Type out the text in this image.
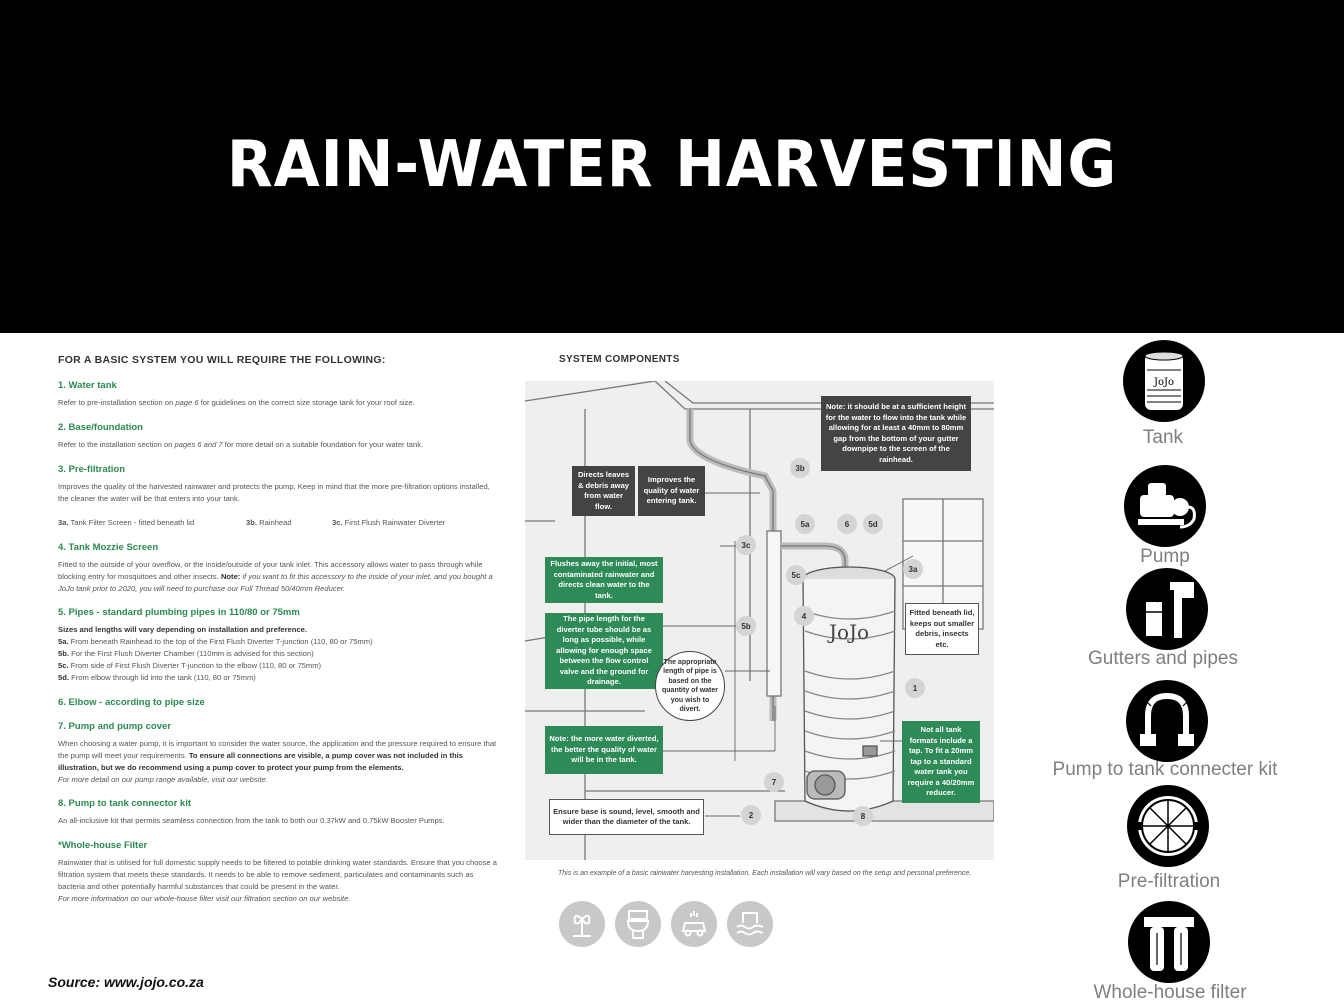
RAIN-WATER HARVESTING
FOR A BASIC SYSTEM YOU WILL REQUIRE THE FOLLOWING:

1. Water tank

Refer to pre-installation section on page 6 for guidelines on the correct size storage tank for your roof size.

2. Base/foundation

Refer to the installation section on pages 6 and 7 for more detail on a suitable foundation for your water tank.

3. Pre-filtration

Improves the quality of the harvested rainwater and protects the pump. Keep in mind that the more pre-filtration options installed, the cleaner the water will be that enters into your tank.

3a. Tank Filter Screen - fitted beneath lid	3b. Rainhead	3c. First Flush Rainwater Diverter

4. Tank Mozzie Screen

Fitted to the outside of your overflow, or the inside/outside of your tank inlet. This accessory allows water to pass through while blocking entry for mosquitoes and other insects. Note: if you want to fit this accessory to the inside of your inlet, and you bought a JoJo tank prior to 2020, you will need to purchase our Full Thread 50/40mm Reducer.

5. Pipes - standard plumbing pipes in 110/80 or 75mm

Sizes and lengths will vary depending on installation and preference.
5a. From beneath Rainhead to the top of the First Flush Diverter T-junction (110, 80 or 75mm)
5b. For the First Flush Diverter Chamber (110mm is advised for this section)
5c. From side of First Flush Diverter T-junction to the elbow (110, 80 or 75mm)
5d. From elbow through lid into the tank (110, 80 or 75mm)

6. Elbow - according to pipe size

7. Pump and pump cover

When choosing a water pump, it is important to consider the water source, the application and the pressure required to ensure that the pump will meet your requirements. To ensure all connections are visible, a pump cover was not included in this illustration, but we do recommend using a pump cover to protect your pump from the elements.
For more detail on our pump range available, visit our website.

8. Pump to tank connector kit

An all-inclusive kit that permits seamless connection from the tank to both our 0.37kW and 0.75kW Booster Pumps.

*Whole-house Filter

Rainwater that is utilised for full domestic supply needs to be filtered to potable drinking water standards. Ensure that you choose a filtration system that meets these standards. It needs to be able to remove sediment, particulates and contaminants such as bacteria and other potentially harmful substances that could be present in the water.
For more information on our whole-house filter visit our filtration section on our website.

Source: www.jojo.co.za
SYSTEM COMPONENTS
JoJo
Note: it should be at a sufficient height for the water to flow into the tank while allowing for at least a 40mm to 80mm gap from the bottom of your gutter downpipe to the screen of the rainhead.
Directs leaves & debris away from water flow.
Improves the quality of water entering tank.
Flushes away the initial, most contaminated rainwater and directs clean water to the tank.
The pipe length for the diverter tube should be as long as possible, while allowing for enough space between the flow control valve and the ground for drainage.
The appropriate length of pipe is based on the quantity of water you wish to divert.
Note: the more water diverted, the better the quality of water will be in the tank.
Fitted beneath lid, keeps out smaller debris, insects etc.
Not all tank formats include a tap. To fit a 20mm tap to a standard water tank you require a 40/20mm reducer.
Ensure base is sound, level, smooth and wider than the diameter of the tank.
3b
5a	6	5d
3c
5c
3a
4
5b
1
7
2	8
This is an example of a basic rainwater harvesting installation. Each installation will vary based on the setup and personal preference.
JoJo
Tank
Pump
Gutters and pipes
Pump to tank connecter kit
Pre-filtration
Whole-house filter
